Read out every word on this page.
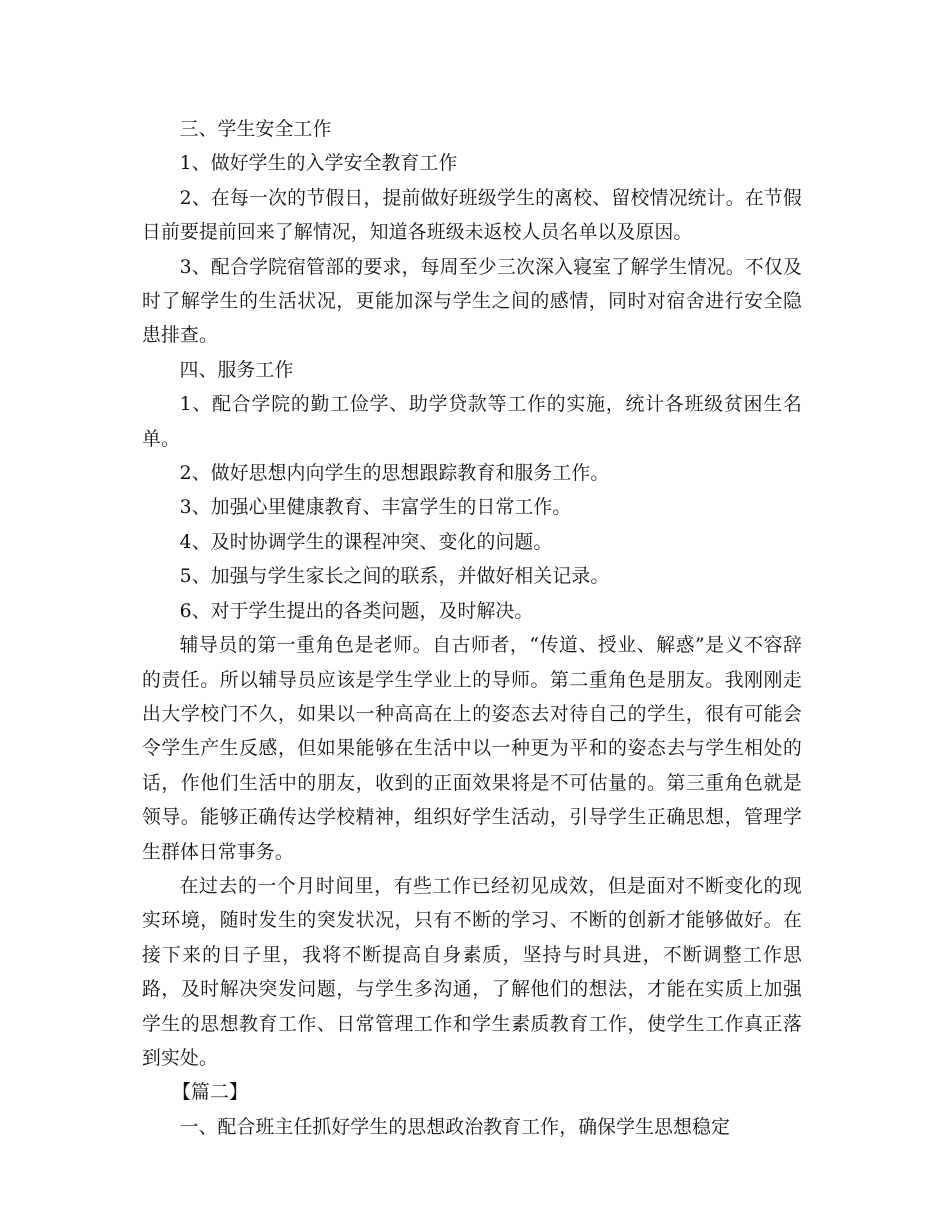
三、学生安全工作

1、做好学生的入学安全教育工作

2、在每一次的节假日，提前做好班级学生的离校、留校情况统计。在节假日前要提前回来了解情况，知道各班级未返校人员名单以及原因。

3、配合学院宿管部的要求，每周至少三次深入寝室了解学生情况。不仅及时了解学生的生活状况，更能加深与学生之间的感情，同时对宿舍进行安全隐患排查。

四、服务工作

1、配合学院的勤工俭学、助学贷款等工作的实施，统计各班级贫困生名单。

2、做好思想内向学生的思想跟踪教育和服务工作。

3、加强心里健康教育、丰富学生的日常工作。

4、及时协调学生的课程冲突、变化的问题。

5、加强与学生家长之间的联系，并做好相关记录。

6、对于学生提出的各类问题，及时解决。

辅导员的第一重角色是老师。自古师者，“传道、授业、解惑”是义不容辞的责任。所以辅导员应该是学生学业上的导师。第二重角色是朋友。我刚刚走出大学校门不久，如果以一种高高在上的姿态去对待自己的学生，很有可能会令学生产生反感，但如果能够在生活中以一种更为平和的姿态去与学生相处的话，作他们生活中的朋友，收到的正面效果将是不可估量的。第三重角色就是领导。能够正确传达学校精神，组织好学生活动，引导学生正确思想，管理学生群体日常事务。

在过去的一个月时间里，有些工作已经初见成效，但是面对不断变化的现实环境，随时发生的突发状况，只有不断的学习、不断的创新才能够做好。在接下来的日子里，我将不断提高自身素质，坚持与时具进，不断调整工作思路，及时解决突发问题，与学生多沟通，了解他们的想法，才能在实质上加强学生的思想教育工作、日常管理工作和学生素质教育工作，使学生工作真正落到实处。

【篇二】

一、配合班主任抓好学生的思想政治教育工作，确保学生思想稳定
